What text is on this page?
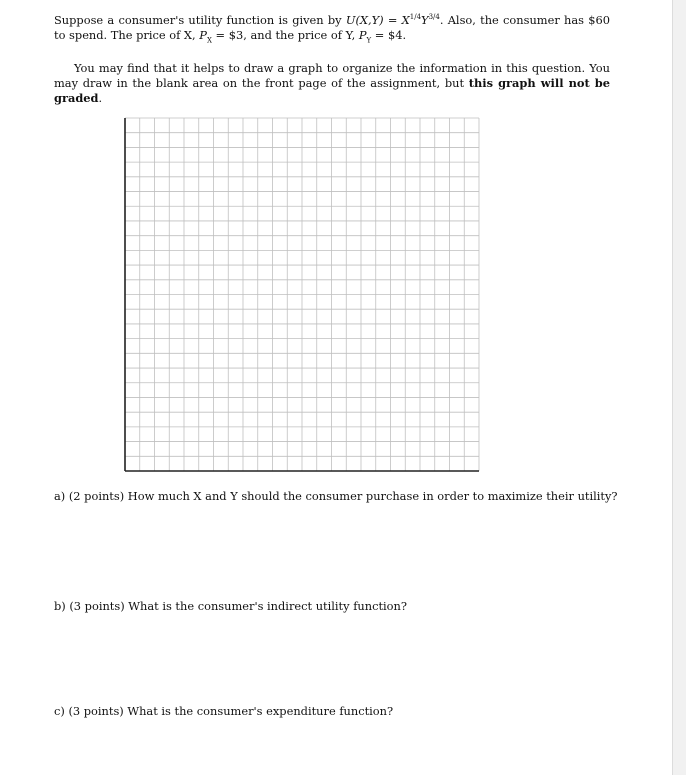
Suppose a consumer's utility function is given by U(X,Y) = X1/4Y3/4. Also, the consumer has $60 to spend. The price of X, $P_X$ = $3, and the price of Y, $P_Y$ = $4.

You may find that it helps to draw a graph to organize the information in this question. You may draw in the blank area on the front page of the assignment, but this graph will not be graded.

a) (2 points) How much X and Y should the consumer purchase in order to maximize their utility?
b) (3 points) What is the consumer's indirect utility function?
c) (3 points) What is the consumer's expenditure function?
